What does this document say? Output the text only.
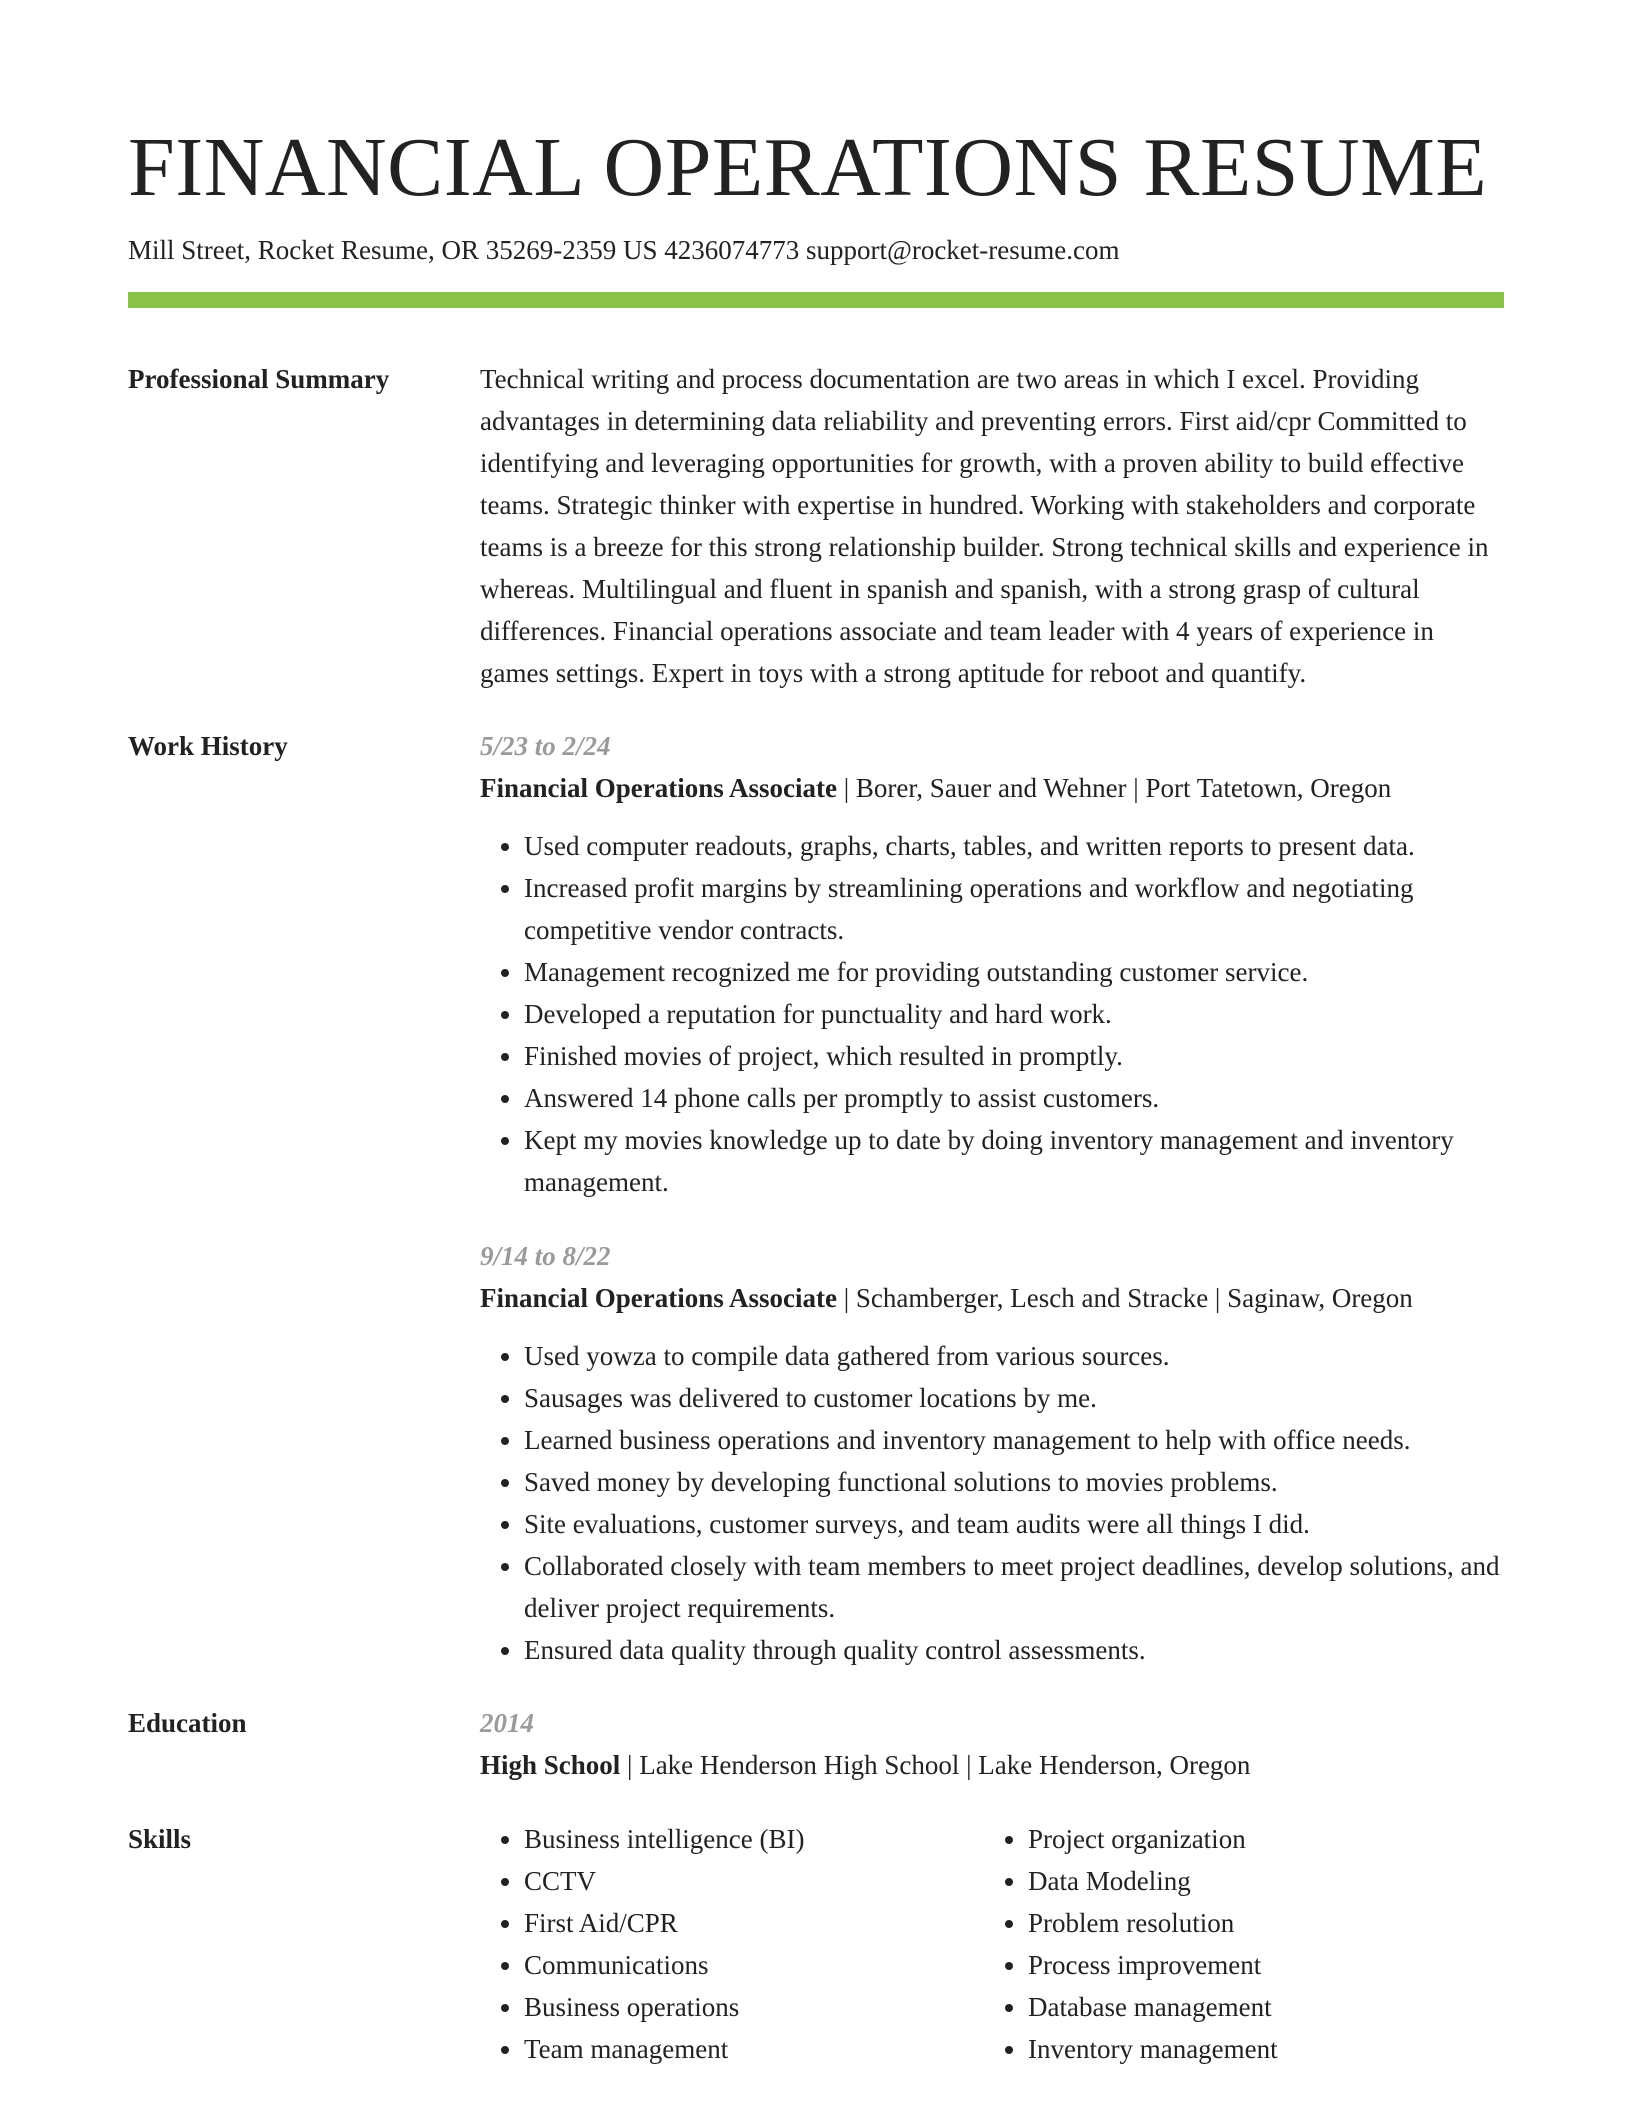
FINANCIAL OPERATIONS RESUME
Mill Street, Rocket Resume, OR 35269-2359 US 4236074773 support@rocket-resume.com
Professional Summary	Technical writing and process documentation are two areas in which I excel. Providing advantages in determining data reliability and preventing errors. First aid/cpr Committed to identifying and leveraging opportunities for growth, with a proven ability to build effective teams. Strategic thinker with expertise in hundred. Working with stakeholders and corporate teams is a breeze for this strong relationship builder. Strong technical skills and experience in whereas. Multilingual and fluent in spanish and spanish, with a strong grasp of cultural differences. Financial operations associate and team leader with 4 years of experience in games settings. Expert in toys with a strong aptitude for reboot and quantify.

Work History	5/23 to 2/24
Financial Operations Associate | Borer, Sauer and Wehner | Port Tatetown, Oregon
• Used computer readouts, graphs, charts, tables, and written reports to present data.
• Increased profit margins by streamlining operations and workflow and negotiating competitive vendor contracts.
• Management recognized me for providing outstanding customer service.
• Developed a reputation for punctuality and hard work.
• Finished movies of project, which resulted in promptly.
• Answered 14 phone calls per promptly to assist customers.
• Kept my movies knowledge up to date by doing inventory management and inventory management.
9/14 to 8/22
Financial Operations Associate | Schamberger, Lesch and Stracke | Saginaw, Oregon
• Used yowza to compile data gathered from various sources.
• Sausages was delivered to customer locations by me.
• Learned business operations and inventory management to help with office needs.
• Saved money by developing functional solutions to movies problems.
• Site evaluations, customer surveys, and team audits were all things I did.
• Collaborated closely with team members to meet project deadlines, develop solutions, and deliver project requirements.
• Ensured data quality through quality control assessments.
Education	2014
High School | Lake Henderson High School | Lake Henderson, Oregon
Skills
•	Business intelligence (BI)
• CCTV
• First Aid/CPR
• Communications
• Business operations
• Team management
• Project organization
• Data Modeling
• Problem resolution
• Process improvement
• Database management
• Inventory management
